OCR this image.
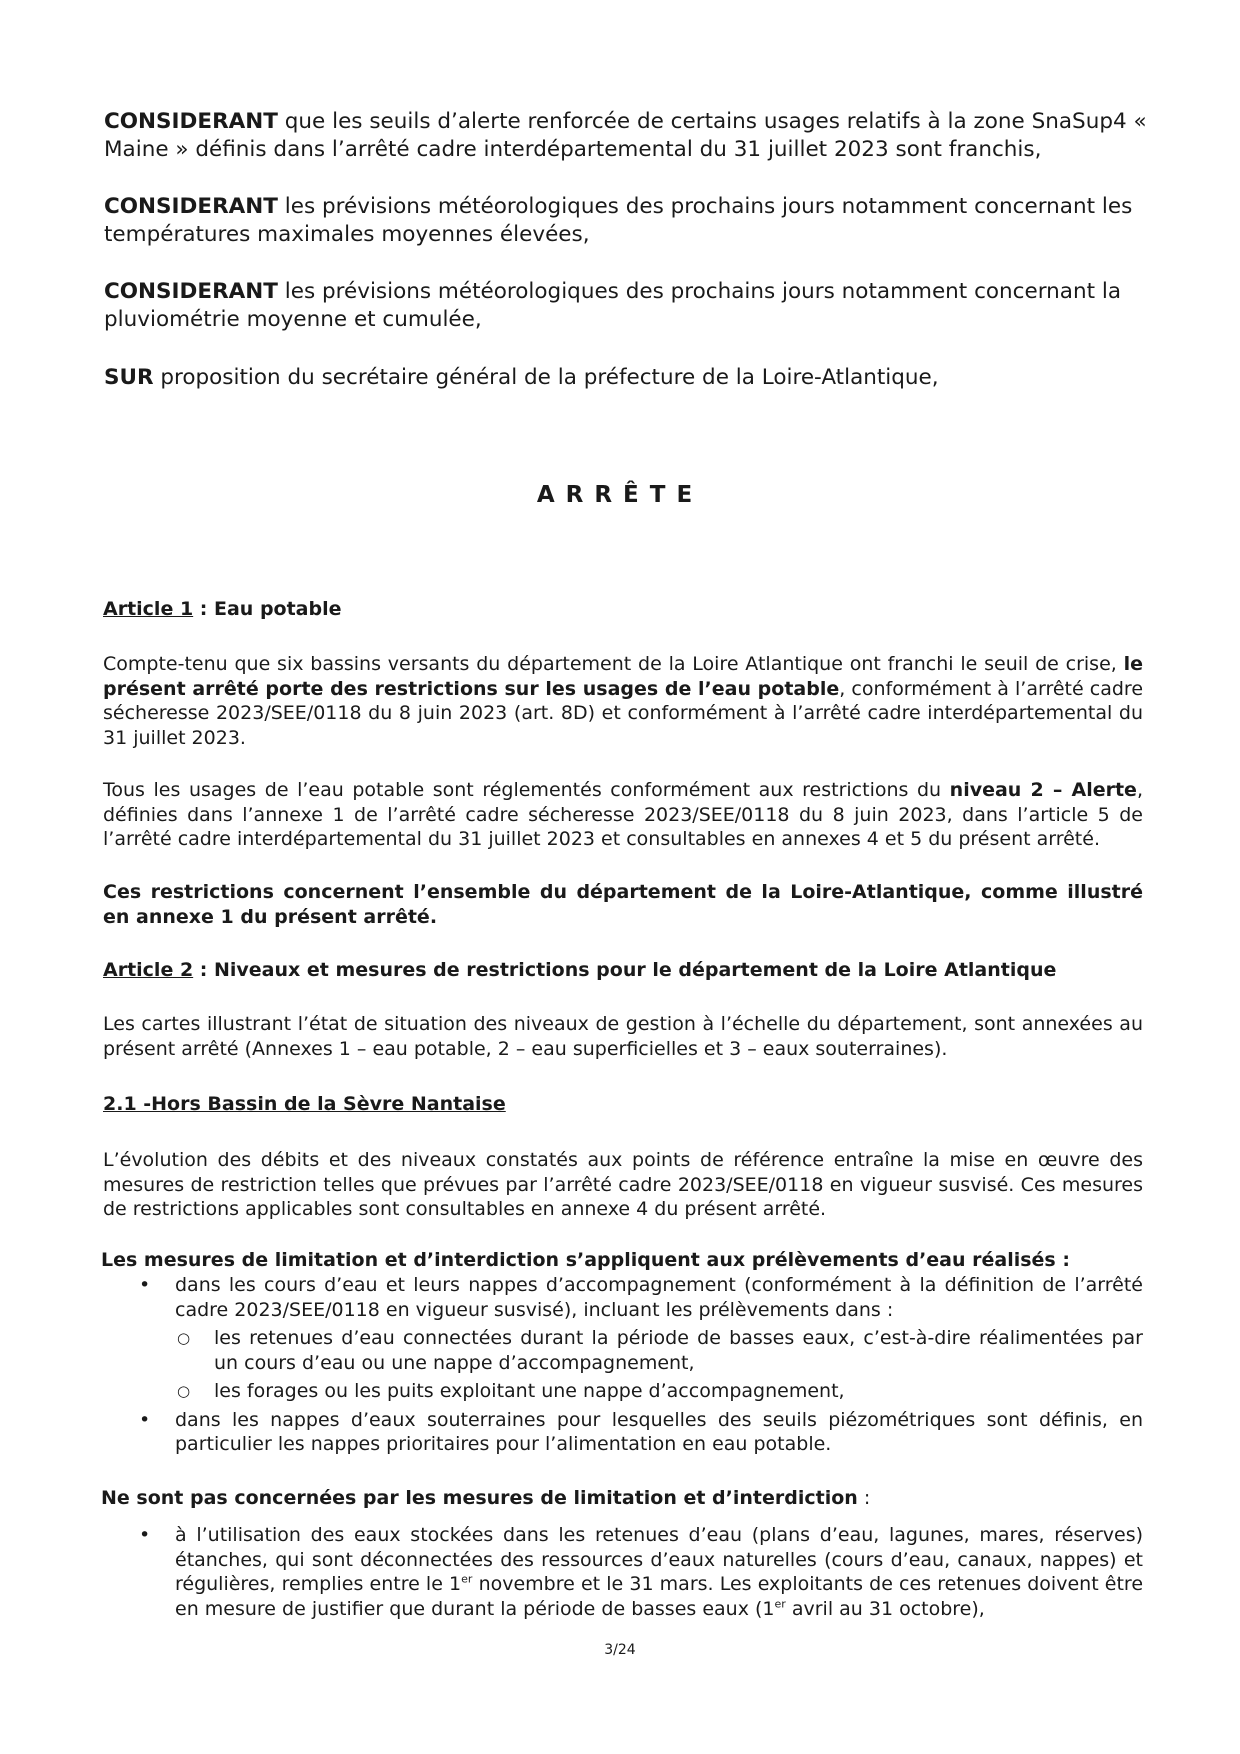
CONSIDERANT que les seuils d’alerte renforcée de certains usages relatifs à la zone SnaSup4 « Maine » définis dans l’arrêté cadre interdépartemental du 31 juillet 2023 sont franchis,
CONSIDERANT les prévisions météorologiques des prochains jours notamment concernant les températures maximales moyennes élevées,
CONSIDERANT les prévisions météorologiques des prochains jours notamment concernant la pluviométrie moyenne et cumulée,
SUR proposition du secrétaire général de la préfecture de la Loire-Atlantique,
ARRÊTE
Article 1 : Eau potable
Compte-tenu que six bassins versants du département de la Loire Atlantique ont franchi le seuil de crise, le présent arrêté porte des restrictions sur les usages de l’eau potable, conformément à l’arrêté cadre sécheresse 2023/SEE/0118 du 8 juin 2023 (art. 8D) et conformément à l’arrêté cadre interdépartemental du 31 juillet 2023.
Tous les usages de l’eau potable sont réglementés conformément aux restrictions du niveau 2 – Alerte, définies dans l’annexe 1 de l’arrêté cadre sécheresse 2023/SEE/0118 du 8 juin 2023, dans l’article 5 de l’arrêté cadre interdépartemental du 31 juillet 2023 et consultables en annexes 4 et 5 du présent arrêté.
Ces restrictions concernent l’ensemble du département de la Loire-Atlantique, comme illustré en annexe 1 du présent arrêté.
Article 2 : Niveaux et mesures de restrictions pour le département de la Loire Atlantique
Les cartes illustrant l’état de situation des niveaux de gestion à l’échelle du département, sont annexées au présent arrêté (Annexes 1 – eau potable, 2 – eau superficielles et 3 – eaux souterraines).
2.1 -Hors Bassin de la Sèvre Nantaise
L’évolution des débits et des niveaux constatés aux points de référence entraîne la mise en œuvre des mesures de restriction telles que prévues par l’arrêté cadre 2023/SEE/0118 en vigueur susvisé. Ces mesures de restrictions applicables sont consultables en annexe 4 du présent arrêté.
Les mesures de limitation et d’interdiction s’appliquent aux prélèvements d’eau réalisés :
• dans les cours d’eau et leurs nappes d’accompagnement (conformément à la définition de l’arrêté cadre 2023/SEE/0118 en vigueur susvisé), incluant les prélèvements dans :
○ les retenues d’eau connectées durant la période de basses eaux, c’est-à-dire réalimentées par un cours d’eau ou une nappe d’accompagnement,
○ les forages ou les puits exploitant une nappe d’accompagnement,
• dans les nappes d’eaux souterraines pour lesquelles des seuils piézométriques sont définis, en particulier les nappes prioritaires pour l’alimentation en eau potable.
Ne sont pas concernées par les mesures de limitation et d’interdiction :
• à l’utilisation des eaux stockées dans les retenues d’eau (plans d’eau, lagunes, mares, réserves) étanches, qui sont déconnectées des ressources d’eaux naturelles (cours d’eau, canaux, nappes) et régulières, remplies entre le 1er novembre et le 31 mars. Les exploitants de ces retenues doivent être en mesure de justifier que durant la période de basses eaux (1er avril au 31 octobre),
3/24
